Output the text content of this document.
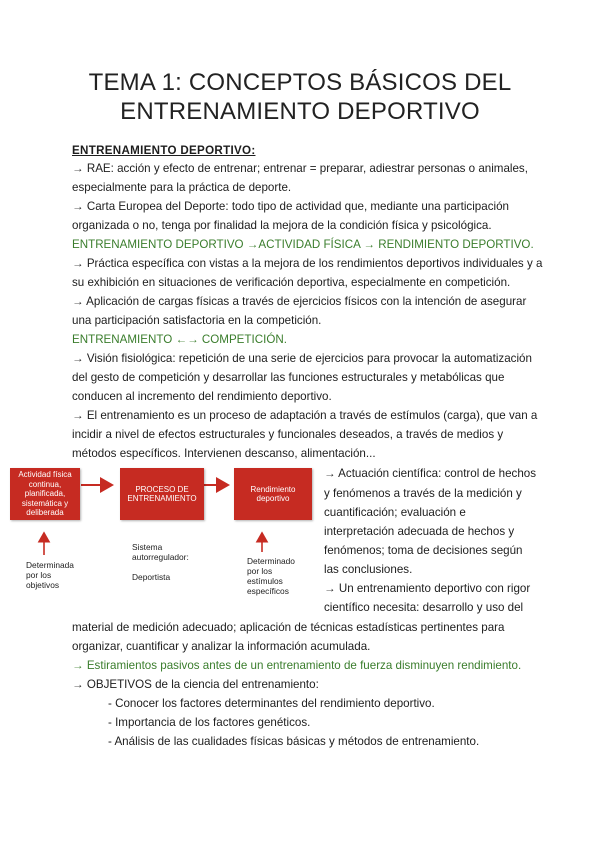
TEMA 1: CONCEPTOS BÁSICOS DEL
ENTRENAMIENTO DEPORTIVO
ENTRENAMIENTO DEPORTIVO:
→ RAE: acción y efecto de entrenar; entrenar = preparar, adiestrar personas o animales,
especialmente para la práctica de deporte.
→ Carta Europea del Deporte: todo tipo de actividad que, mediante una participación
organizada o no, tenga por finalidad la mejora de la condición física y psicológica.
ENTRENAMIENTO DEPORTIVO →ACTIVIDAD FÍSICA → RENDIMIENTO DEPORTIVO.
→ Práctica específica con vistas a la mejora de los rendimientos deportivos individuales y a
su exhibición en situaciones de verificación deportiva, especialmente en competición.
→ Aplicación de cargas físicas a través de ejercicios físicos con la intención de asegurar
una participación satisfactoria en la competición.
ENTRENAMIENTO ←→ COMPETICIÓN.
→ Visión fisiológica: repetición de una serie de ejercicios para provocar la automatización
del gesto de competición y desarrollar las funciones estructurales y metabólicas que
conducen al incremento del rendimiento deportivo.
→ El entrenamiento es un proceso de adaptación a través de estímulos (carga), que van a
incidir a nivel de efectos estructurales y funcionales deseados, a través de medios y
métodos específicos. Intervienen descanso, alimentación...
Actividad física
continua,
planificada,
sistemática y
deliberada
PROCESO DE
ENTRENAMIENTO
Rendimiento
deportivo
Determinada
por los
objetivos
Sistema
autorregulador:
Deportista
Determinado
por los
estímulos
específicos
→ Actuación científica: control de hechos
y fenómenos a través de la medición y
cuantificación; evaluación e
interpretación adecuada de hechos y
fenómenos; toma de decisiones según
las conclusiones.
→ Un entrenamiento deportivo con rigor
científico necesita: desarrollo y uso del
material de medición adecuado; aplicación de técnicas estadísticas pertinentes para
organizar, cuantificar y analizar la información acumulada.
→ Estiramientos pasivos antes de un entrenamiento de fuerza disminuyen rendimiento.
→ OBJETIVOS de la ciencia del entrenamiento:
- Conocer los factores determinantes del rendimiento deportivo.
- Importancia de los factores genéticos.
- Análisis de las cualidades físicas básicas y métodos de entrenamiento.
